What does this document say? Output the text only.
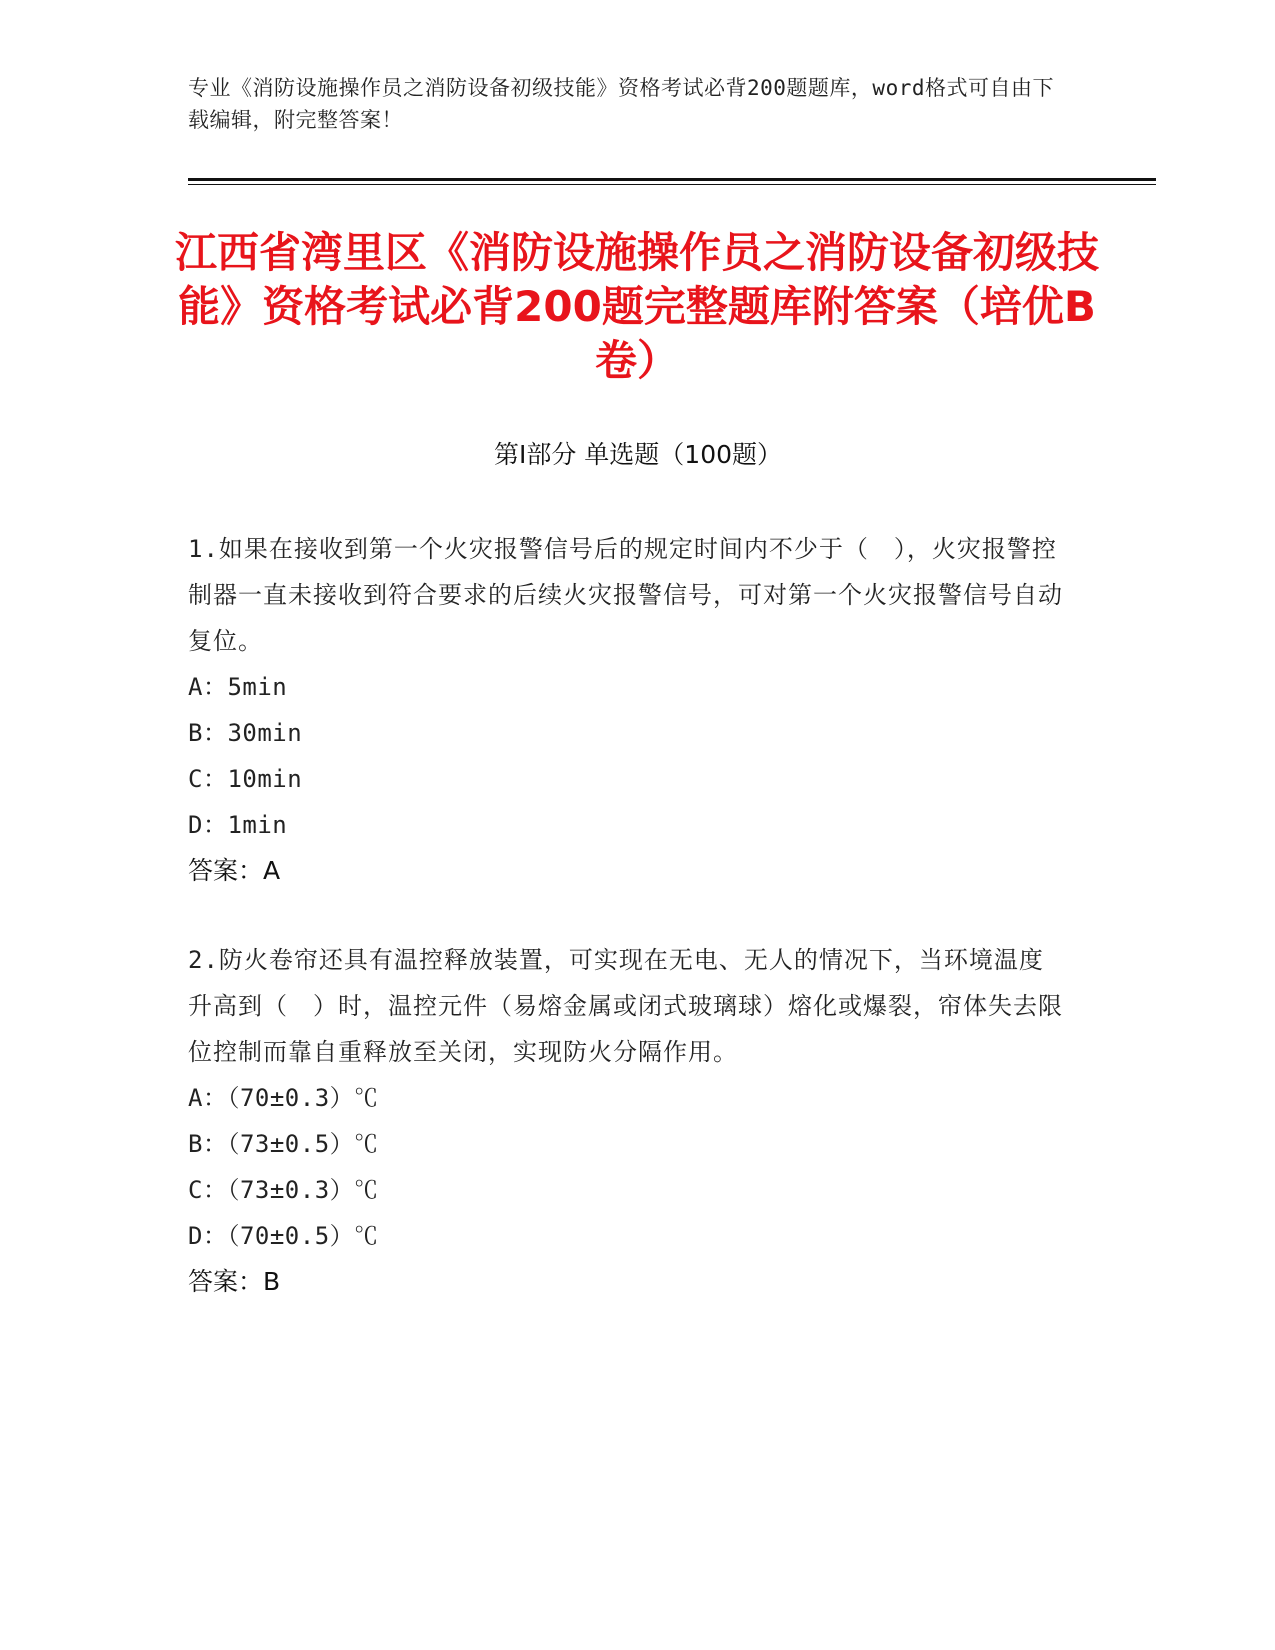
专业《消防设施操作员之消防设备初级技能》资格考试必背200题题库，word格式可自由下载编辑，附完整答案！
江西省湾里区《消防设施操作员之消防设备初级技能》资格考试必背200题完整题库附答案（培优B卷）
第I部分 单选题（100题）
1.如果在接收到第一个火灾报警信号后的规定时间内不少于（　），火灾报警控制器一直未接收到符合要求的后续火灾报警信号，可对第一个火灾报警信号自动复位。
A：5min
B：30min
C：10min
D：1min
答案：A
2.防火卷帘还具有温控释放装置，可实现在无电、无人的情况下，当环境温度升高到（　）时，温控元件（易熔金属或闭式玻璃球）熔化或爆裂，帘体失去限位控制而靠自重释放至关闭，实现防火分隔作用。
A：（70±0.3）℃
B：（73±0.5）℃
C：（73±0.3）℃
D：（70±0.5）℃
答案：B
